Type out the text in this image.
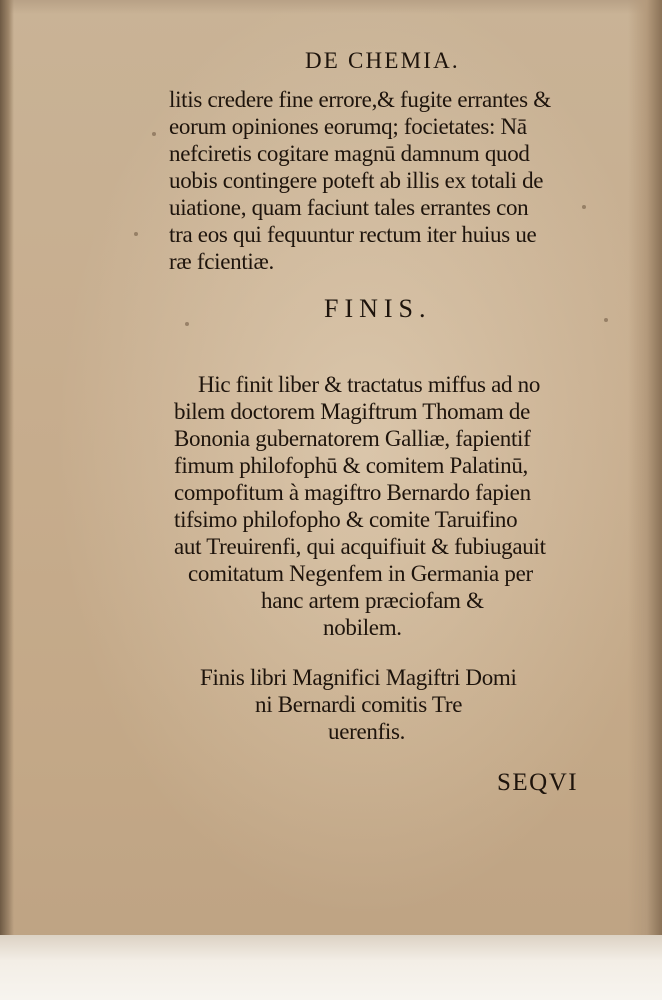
DE CHEMIA.

litis credere fine errore,& fugite errantes &

eorum opiniones eorumq; focietates: Nā

nefciretis cogitare magnū damnum quod

uobis contingere poteft ab illis ex totali de

uiatione, quam faciunt tales errantes con

tra eos qui fequuntur rectum iter huius ue

ræ fcientiæ.

FINIS.

Hic finit liber & tractatus miffus ad no

bilem doctorem Magiftrum Thomam de

Bononia gubernatorem Galliæ, fapientif

fimum philofophū & comitem Palatinū,

compofitum à magiftro Bernardo fapien

tifsimo philofopho & comite Taruifino

aut Treuirenfi, qui acquifiuit & fubiugauit

comitatum Negenfem in Germania per

hanc artem præciofam &

nobilem.

Finis libri Magnifici Magiftri Domi

ni Bernardi comitis Tre

uerenfis.

SEQVI
